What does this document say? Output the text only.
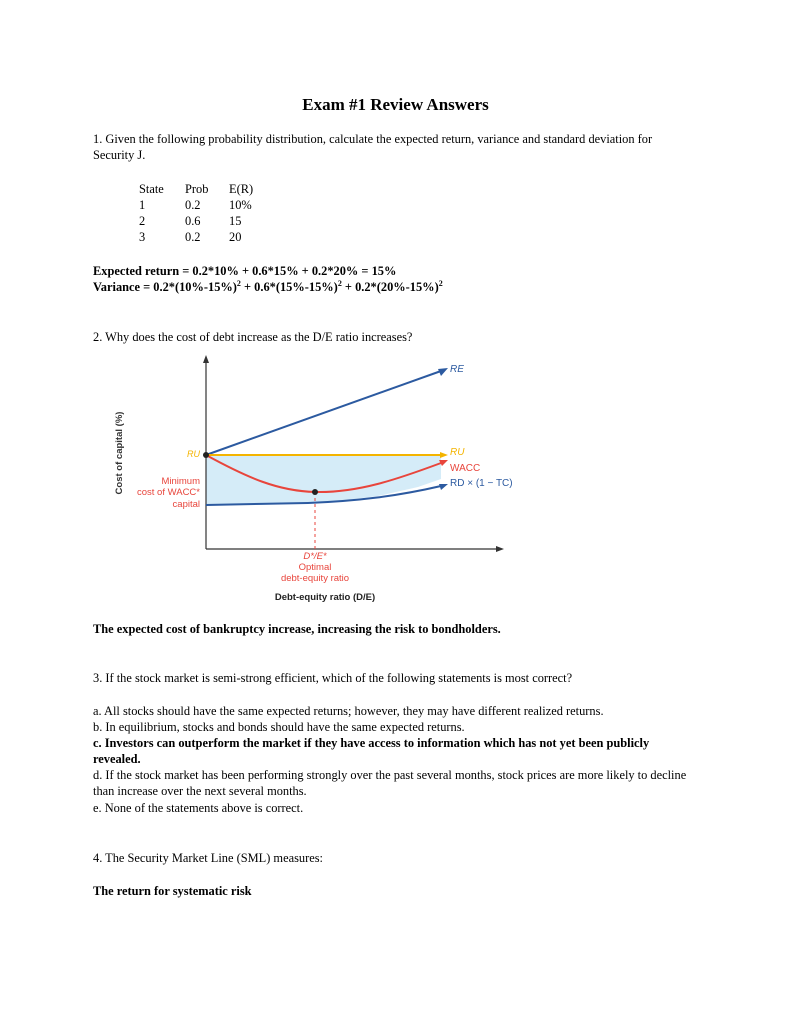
Exam #1 Review Answers

1. Given the following probability distribution, calculate the expected return, variance and standard deviation for Security J.

State	Prob	E(R)
1	0.2	10%
2	0.6	15
3	0.2	20

Expected return = 0.2*10% + 0.6*15% + 0.2*20% = 15%

Variance = $0.2*(10\%-15\%)^2 + 0.6*(15\%-15\%)^2 + 0.2*(20\%-15\%)^2$

2. Why does the cost of debt increase as the D/E ratio increases?

Cost of capital (%)
Debt-equity ratio (D/E)
RE
RU
WACC
RD × (1 − TC)
RU
Minimum
cost of WACC*
capital
D*/E*
Optimal
debt-equity ratio

The expected cost of bankruptcy increase, increasing the risk to bondholders.

3. If the stock market is semi-strong efficient, which of the following statements is most correct?

a. All stocks should have the same expected returns; however, they may have different realized returns.

b. In equilibrium, stocks and bonds should have the same expected returns.

c. Investors can outperform the market if they have access to information which has not yet been publicly revealed.

d. If the stock market has been performing strongly over the past several months, stock prices are more likely to decline than increase over the next several months.

e. None of the statements above is correct.

4. The Security Market Line (SML) measures:

The return for systematic risk
